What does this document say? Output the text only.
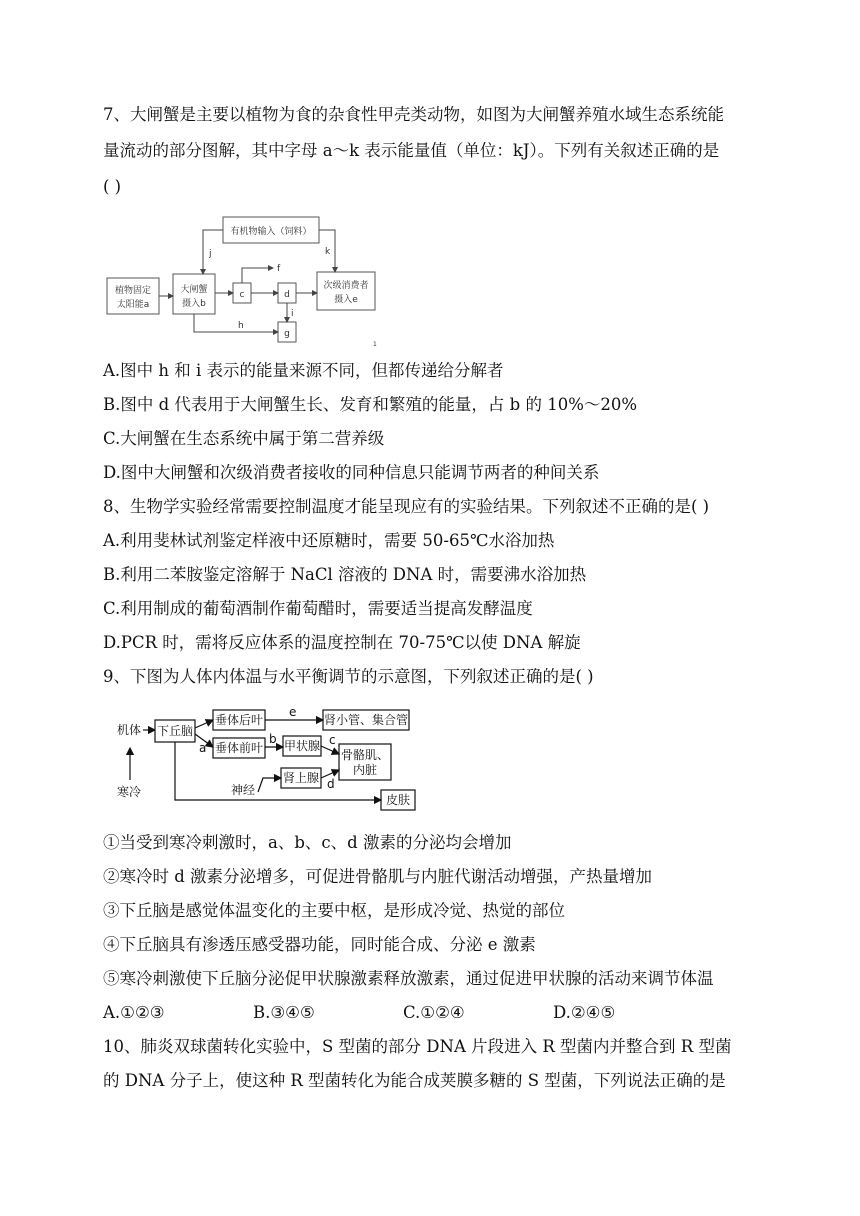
7、大闸蟹是主要以植物为食的杂食性甲壳类动物，如图为大闸蟹养殖水域生态系统能
量流动的部分图解，其中字母 a～k 表示能量值（单位：kJ）。下列有关叙述正确的是
( )
有机物输入（饲料）
植物固定
太阳能a
大闸蟹
摄入b
c	d
g
次级消费者
摄入e
f
i
h
j	k
1
A.图中 h 和 i 表示的能量来源不同，但都传递给分解者
B.图中 d 代表用于大闸蟹生长、发育和繁殖的能量，占 b 的 10%～20%
C.大闸蟹在生态系统中属于第二营养级
D.图中大闸蟹和次级消费者接收的同种信息只能调节两者的种间关系
8、生物学实验经常需要控制温度才能呈现应有的实验结果。下列叙述不正确的是( )
A.利用斐林试剂鉴定样液中还原糖时，需要 50-65℃水浴加热
B.利用二苯胺鉴定溶解于 NaCl 溶液的 DNA 时，需要沸水浴加热
C.利用制成的葡萄酒制作葡萄醋时，需要适当提高发酵温度
D.PCR 时，需将反应体系的温度控制在 70-75℃以使 DNA 解旋
9、下图为人体内体温与水平衡调节的示意图，下列叙述正确的是( )
机体 下丘脑
寒冷
垂体后叶
垂体前叶
a
肾小管、集合管
e
甲状腺
b
骨骼肌、
内脏
c
肾上腺 d
神经
皮肤
①当受到寒冷刺激时，a、b、c、d 激素的分泌均会增加
②寒冷时 d 激素分泌增多，可促进骨骼肌与内脏代谢活动增强，产热量增加
③下丘脑是感觉体温变化的主要中枢，是形成冷觉、热觉的部位
④下丘脑具有渗透压感受器功能，同时能合成、分泌 e 激素
⑤寒冷刺激使下丘脑分泌促甲状腺激素释放激素，通过促进甲状腺的活动来调节体温
A.①②③	B.③④⑤	C.①②④	D.②④⑤
10、肺炎双球菌转化实验中，S 型菌的部分 DNA 片段进入 R 型菌内并整合到 R 型菌
的 DNA 分子上，使这种 R 型菌转化为能合成荚膜多糖的 S 型菌，下列说法正确的是
